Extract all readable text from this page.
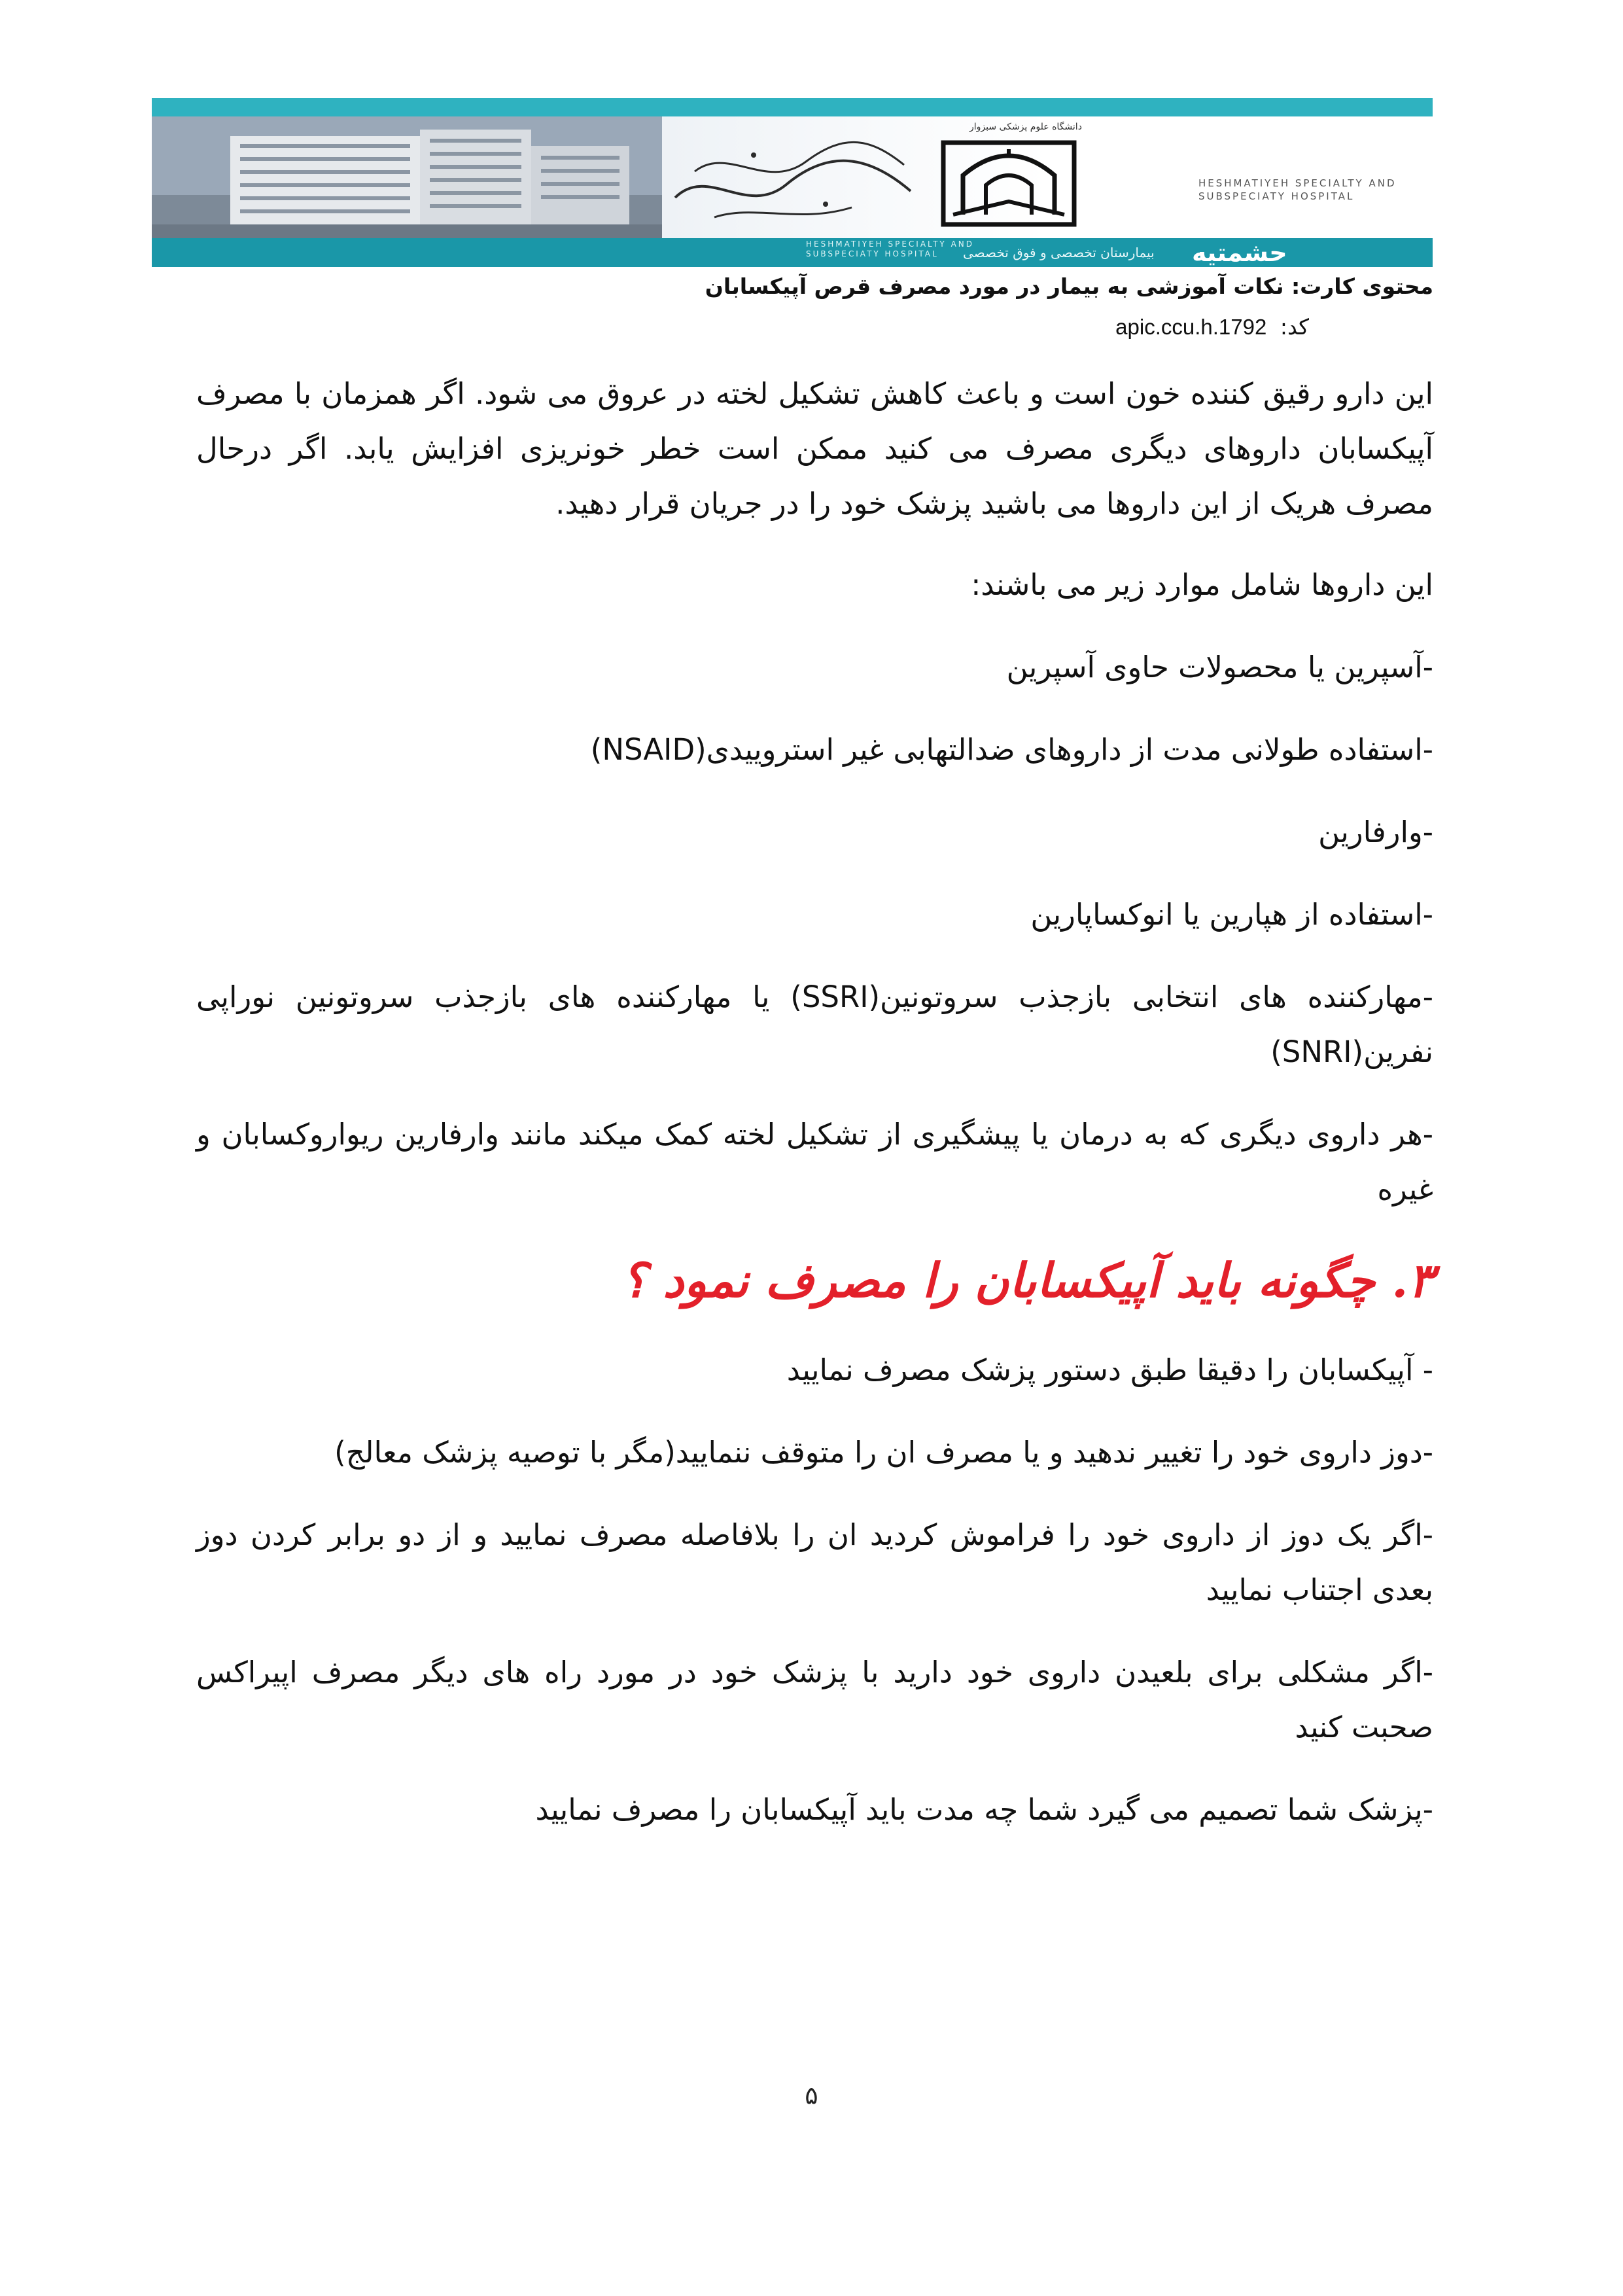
دانشگاه علوم پزشکی سبزوار
HESHMATIYEH SPECIALTY AND SUBSPECIATY HOSPITAL
HESHMATIYEH SPECIALTY AND SUBSPECIATY HOSPITAL	بیمارستان تخصصی و فوق تخصصی حشمتیه
محتوی کارت: نکات آموزشی به بیمار در مورد مصرف قرص آپیکسابان
کد: apic.ccu.h.1792

این دارو رقیق کننده خون است و باعث کاهش تشکیل لخته در عروق می شود. اگر همزمان با مصرف آپیکسابان داروهای دیگری مصرف می کنید ممکن است خطر خونریزی افزایش یابد. اگر درحال مصرف هریک از این داروها می باشید پزشک خود را در جریان قرار دهید.

این داروها شامل موارد زیر می باشند:

-آسپرین یا محصولات حاوی آسپرین

-استفاده طولانی مدت از داروهای ضدالتهابی غیر استروییدی(NSAID)

-وارفارین

-استفاده از هپارین یا انوکساپارین

-مهارکننده های انتخابی بازجذب سروتونین(SSRI) یا مهارکننده های بازجذب سروتونین نوراپی نفرین(SNRI)

-هر داروی دیگری که به درمان یا پیشگیری از تشکیل لخته کمک میکند مانند وارفارین ریواروکسابان و غیره

۳. چگونه باید آپیکسابان را مصرف نمود ؟

- آپیکسابان را دقیقا طبق دستور پزشک مصرف نمایید

-دوز داروی خود را تغییر ندهید و یا مصرف ان را متوقف ننمایید(مگر با توصیه پزشک معالج)

-اگر یک دوز از داروی خود را فراموش کردید ان را بلافاصله مصرف نمایید و از دو برابر کردن دوز بعدی اجتناب نمایید

-اگر مشکلی برای بلعیدن داروی خود دارید با پزشک خود در مورد راه های دیگر مصرف اپیراکس صحبت کنید

-پزشک شما تصمیم می گیرد شما چه مدت باید آپیکسابان را مصرف نمایید

۵
